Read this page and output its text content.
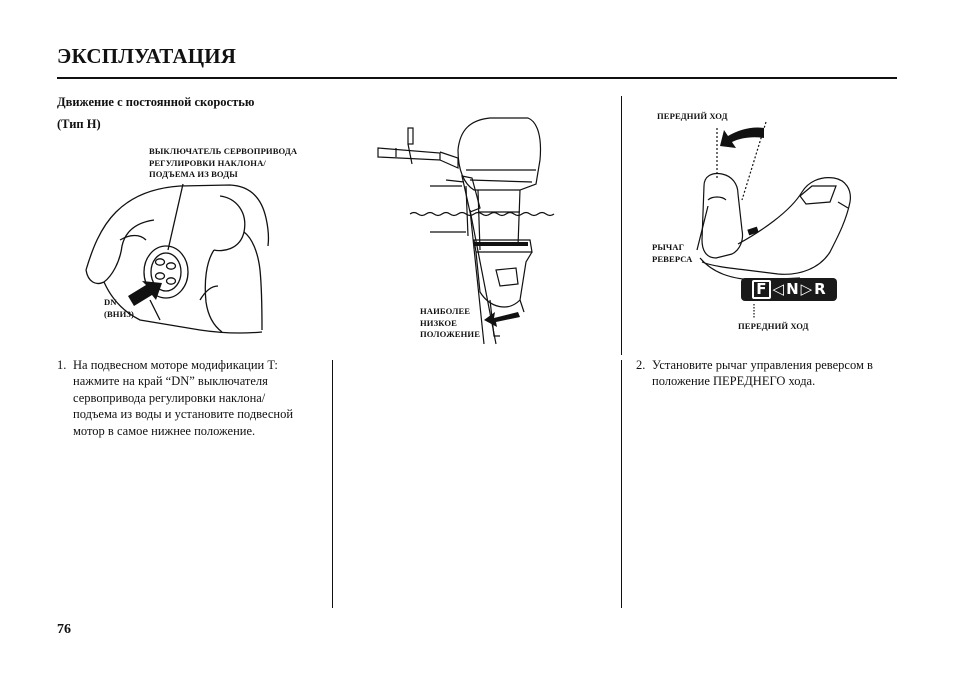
ЭКСПЛУАТАЦИЯ
Движение с постоянной скоростью
(Тип H)
ВЫКЛЮЧАТЕЛЬ СЕРВОПРИВОДА
РЕГУЛИРОВКИ НАКЛОНА/
ПОДЪЕМА ИЗ ВОДЫ
DN
(ВНИЗ)	НАИБОЛЕЕ
НИЗКОЕ
ПОЛОЖЕНИЕ
ПЕРЕДНИЙ ХОД
РЫЧАГ
РЕВЕРСА
F ◁ N ▷ R
ПЕРЕДНИЙ ХОД
1. На подвесном моторе модификации T:
нажмите на край “DN” выключателя
сервопривода регулировки наклона/
подъема из воды и установите подвесной
мотор в самое нижнее положение.
2. Установите рычаг управления реверсом в
положение ПЕРЕДНЕГО хода.
76
